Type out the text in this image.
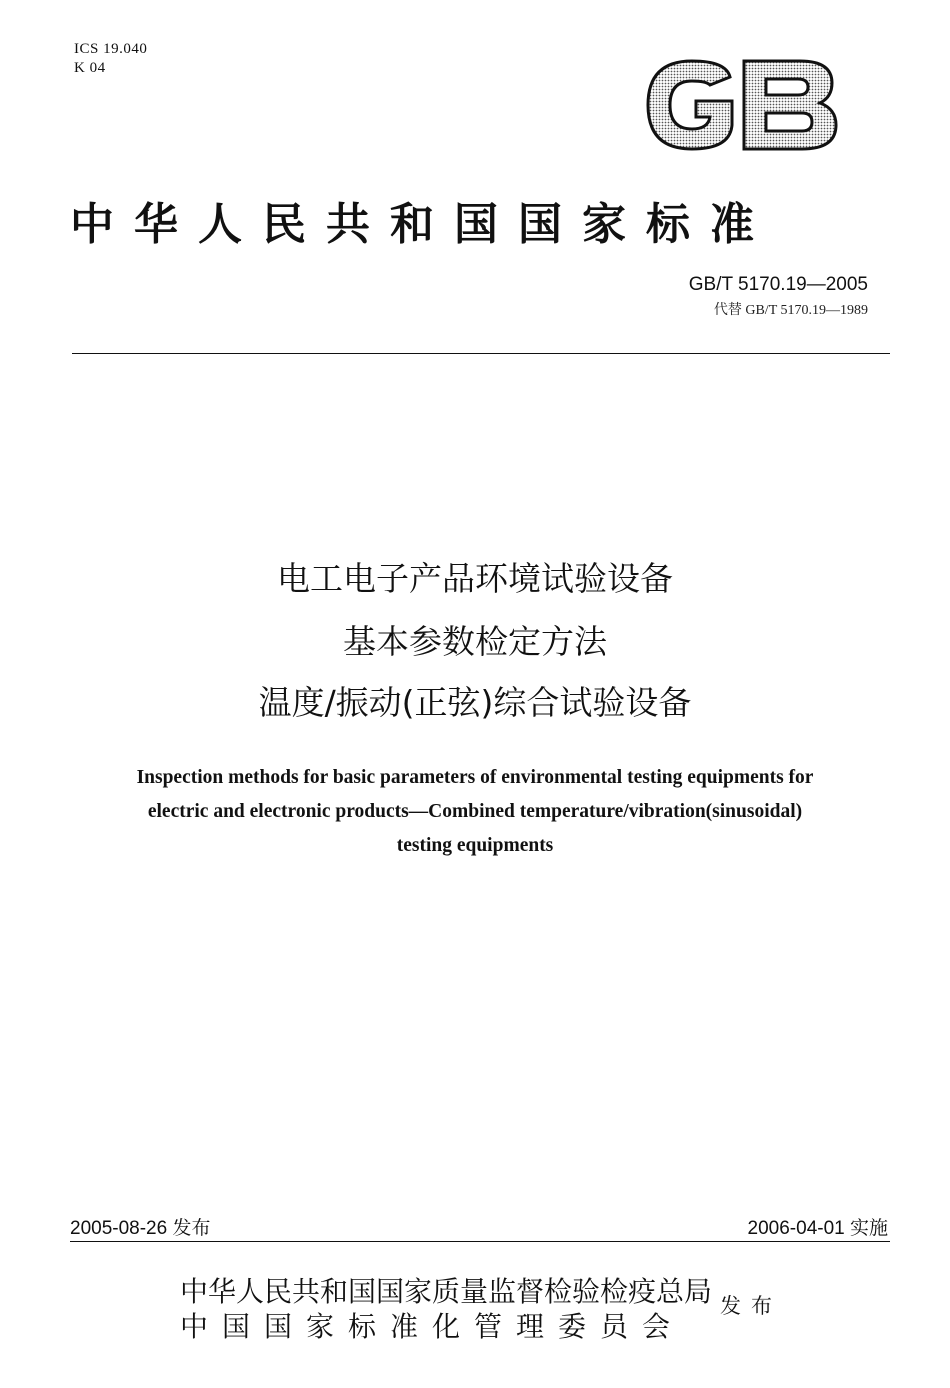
ICS 19.040
K 04
GB
中华人民共和国国家标准
GB/T 5170.19—2005
代替 GB/T 5170.19—1989
电工电子产品环境试验设备
基本参数检定方法
温度/振动(正弦)综合试验设备
Inspection methods for basic parameters of environmental testing equipments for
electric and electronic products—Combined temperature/vibration(sinusoidal)
testing equipments
2005-08-26 发布	2006-04-01 实施
中华人民共和国国家质量监督检验检疫总局
中国国家标准化管理委员会
发布
